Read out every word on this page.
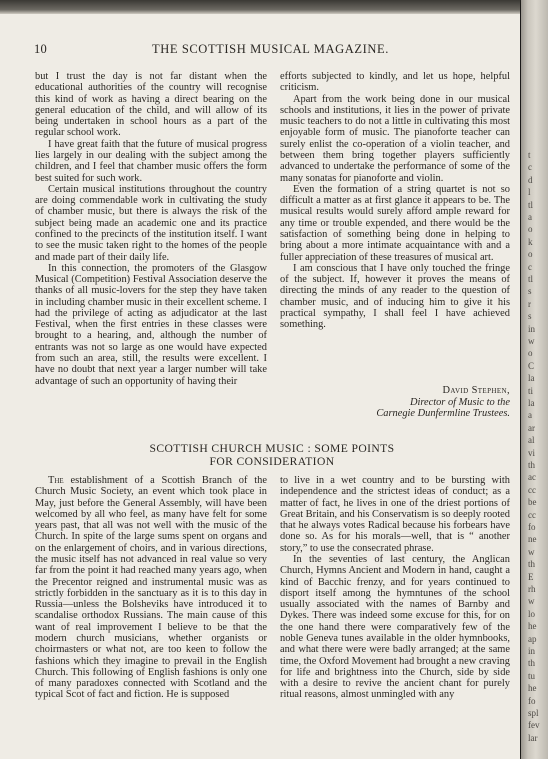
10	THE SCOTTISH MUSICAL MAGAZINE.

but I trust the day is not far distant when the educational authorities of the country will recognise this kind of work as having a direct bearing on the general education of the child, and will allow of its being undertaken in school hours as a part of the regular school work.

I have great faith that the future of musical progress lies largely in our dealing with the subject among the children, and I feel that chamber music offers the form best suited for such work.

Certain musical institutions throughout the country are doing commendable work in cultivating the study of chamber music, but there is always the risk of the subject being made an academic one and its practice confined to the precincts of the institution itself. I want to see the music taken right to the homes of the people and made part of their daily life.

In this connection, the promoters of the Glasgow Musical (Competition) Festival Association deserve the thanks of all music-lovers for the step they have taken in including chamber music in their excellent scheme. I had the privilege of acting as adjudicator at the last Festival, when the first entries in these classes were brought to a hearing, and, although the number of entrants was not so large as one would have expected from such an area, still, the results were excellent. I have no doubt that next year a larger number will take advantage of such an opportunity of having their

efforts subjected to kindly, and let us hope, helpful criticism.

Apart from the work being done in our musical schools and institutions, it lies in the power of private music teachers to do not a little in cultivating this most enjoyable form of music. The pianoforte teacher can surely enlist the co-operation of a violin teacher, and between them bring together players sufficiently advanced to undertake the performance of some of the many sonatas for pianoforte and violin.

Even the formation of a string quartet is not so difficult a matter as at first glance it appears to be. The musical results would surely afford ample reward for any time or trouble expended, and there would be the satisfaction of something being done in helping to bring about a more intimate acquaintance with and a fuller appreciation of these treasures of musical art.

I am conscious that I have only touched the fringe of the subject. If, however it proves the means of directing the minds of any reader to the question of chamber music, and of inducing him to give it his practical sympathy, I shall feel I have achieved something.

David Stephen,
Director of Music to the
Carnegie Dunfermline Trustees.
SCOTTISH CHURCH MUSIC : SOME POINTS
FOR CONSIDERATION

The establishment of a Scottish Branch of the Church Music Society, an event which took place in May, just before the General Assembly, will have been welcomed by all who feel, as many have felt for some years past, that all was not well with the music of the Church. In spite of the large sums spent on organs and on the enlargement of choirs, and in various directions, the music itself has not advanced in real value so very far from the point it had reached many years ago, when the Precentor reigned and instrumental music was as strictly forbidden in the sanctuary as it is to this day in Russia—unless the Bolsheviks have introduced it to scandalise orthodox Russians. The main cause of this want of real improvement I believe to be that the modern church musicians, whether organists or choirmasters or what not, are too keen to follow the fashions which they imagine to prevail in the English Church. This following of English fashions is only one of many paradoxes connected with Scotland and the typical Scot of fact and fiction. He is supposed

to live in a wet country and to be bursting with independence and the strictest ideas of conduct; as a matter of fact, he lives in one of the driest portions of Great Britain, and his Conservatism is so deeply rooted that he always votes Radical because his forbears have done so. As for his morals—well, that is “ another story,” to use the consecrated phrase.

In the seventies of last century, the Anglican Church, Hymns Ancient and Modern in hand, caught a kind of Bacchic frenzy, and for years continued to disport itself among the hymntunes of the school usually associated with the names of Barnby and Dykes. There was indeed some excuse for this, for on the one hand there were comparatively few of the noble Geneva tunes available in the older hymnbooks, and what there were were badly arranged; at the same time, the Oxford Movement had brought a new craving for life and brightness into the Church, side by side with a desire to revive the ancient chant for purely ritual reasons, almost unmingled with any

t
c
d
l
tl
a
o
k
o
c
tl
s
r
s
in
w
o
C
la
ti
la
a
ar
al
vi
th
ac
cc
be
cc
fo
ne
w
th
E
rh
w
lo
he
ap
in
th
tu
he
fo
spl
fev
lar
